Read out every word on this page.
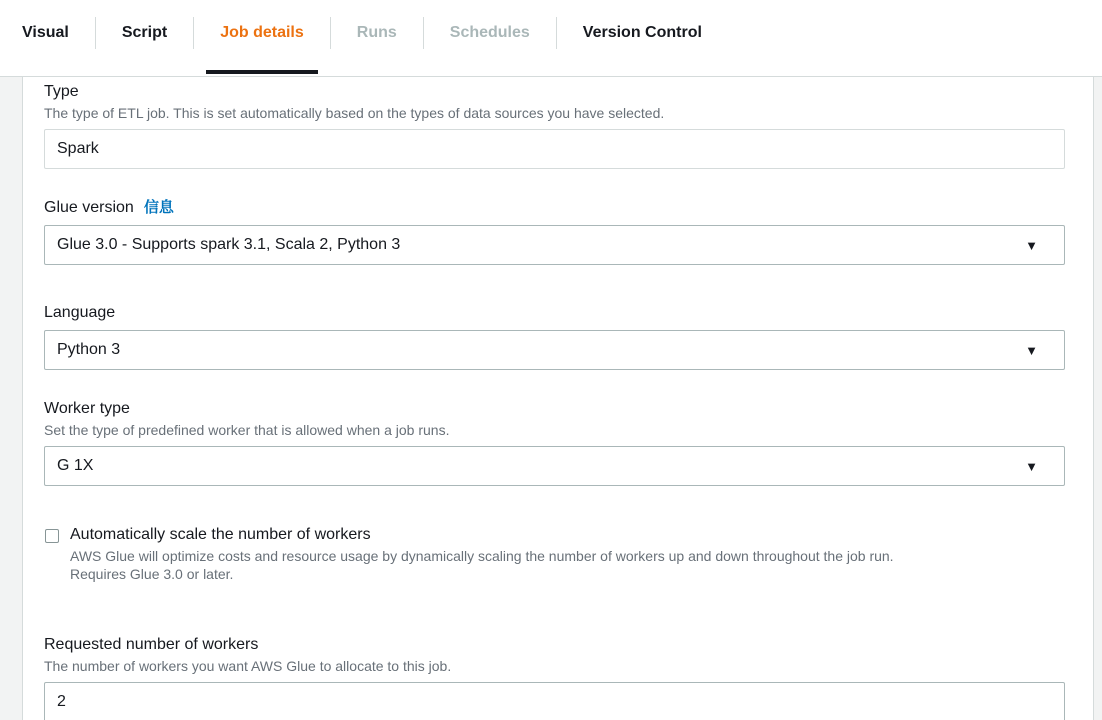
Visual	Script	Job details	Runs	Schedules	Version Control
Type
The type of ETL job. This is set automatically based on the types of data sources you have selected.
Spark
Glue version 信息
Glue 3.0 - Supports spark 3.1, Scala 2, Python 3	▼
Language
Python 3	▼
Worker type
Set the type of predefined worker that is allowed when a job runs.
G 1X	▼
Automatically scale the number of workers
AWS Glue will optimize costs and resource usage by dynamically scaling the number of workers up and down throughout the job run.
Requires Glue 3.0 or later.
Requested number of workers
The number of workers you want AWS Glue to allocate to this job.
2
